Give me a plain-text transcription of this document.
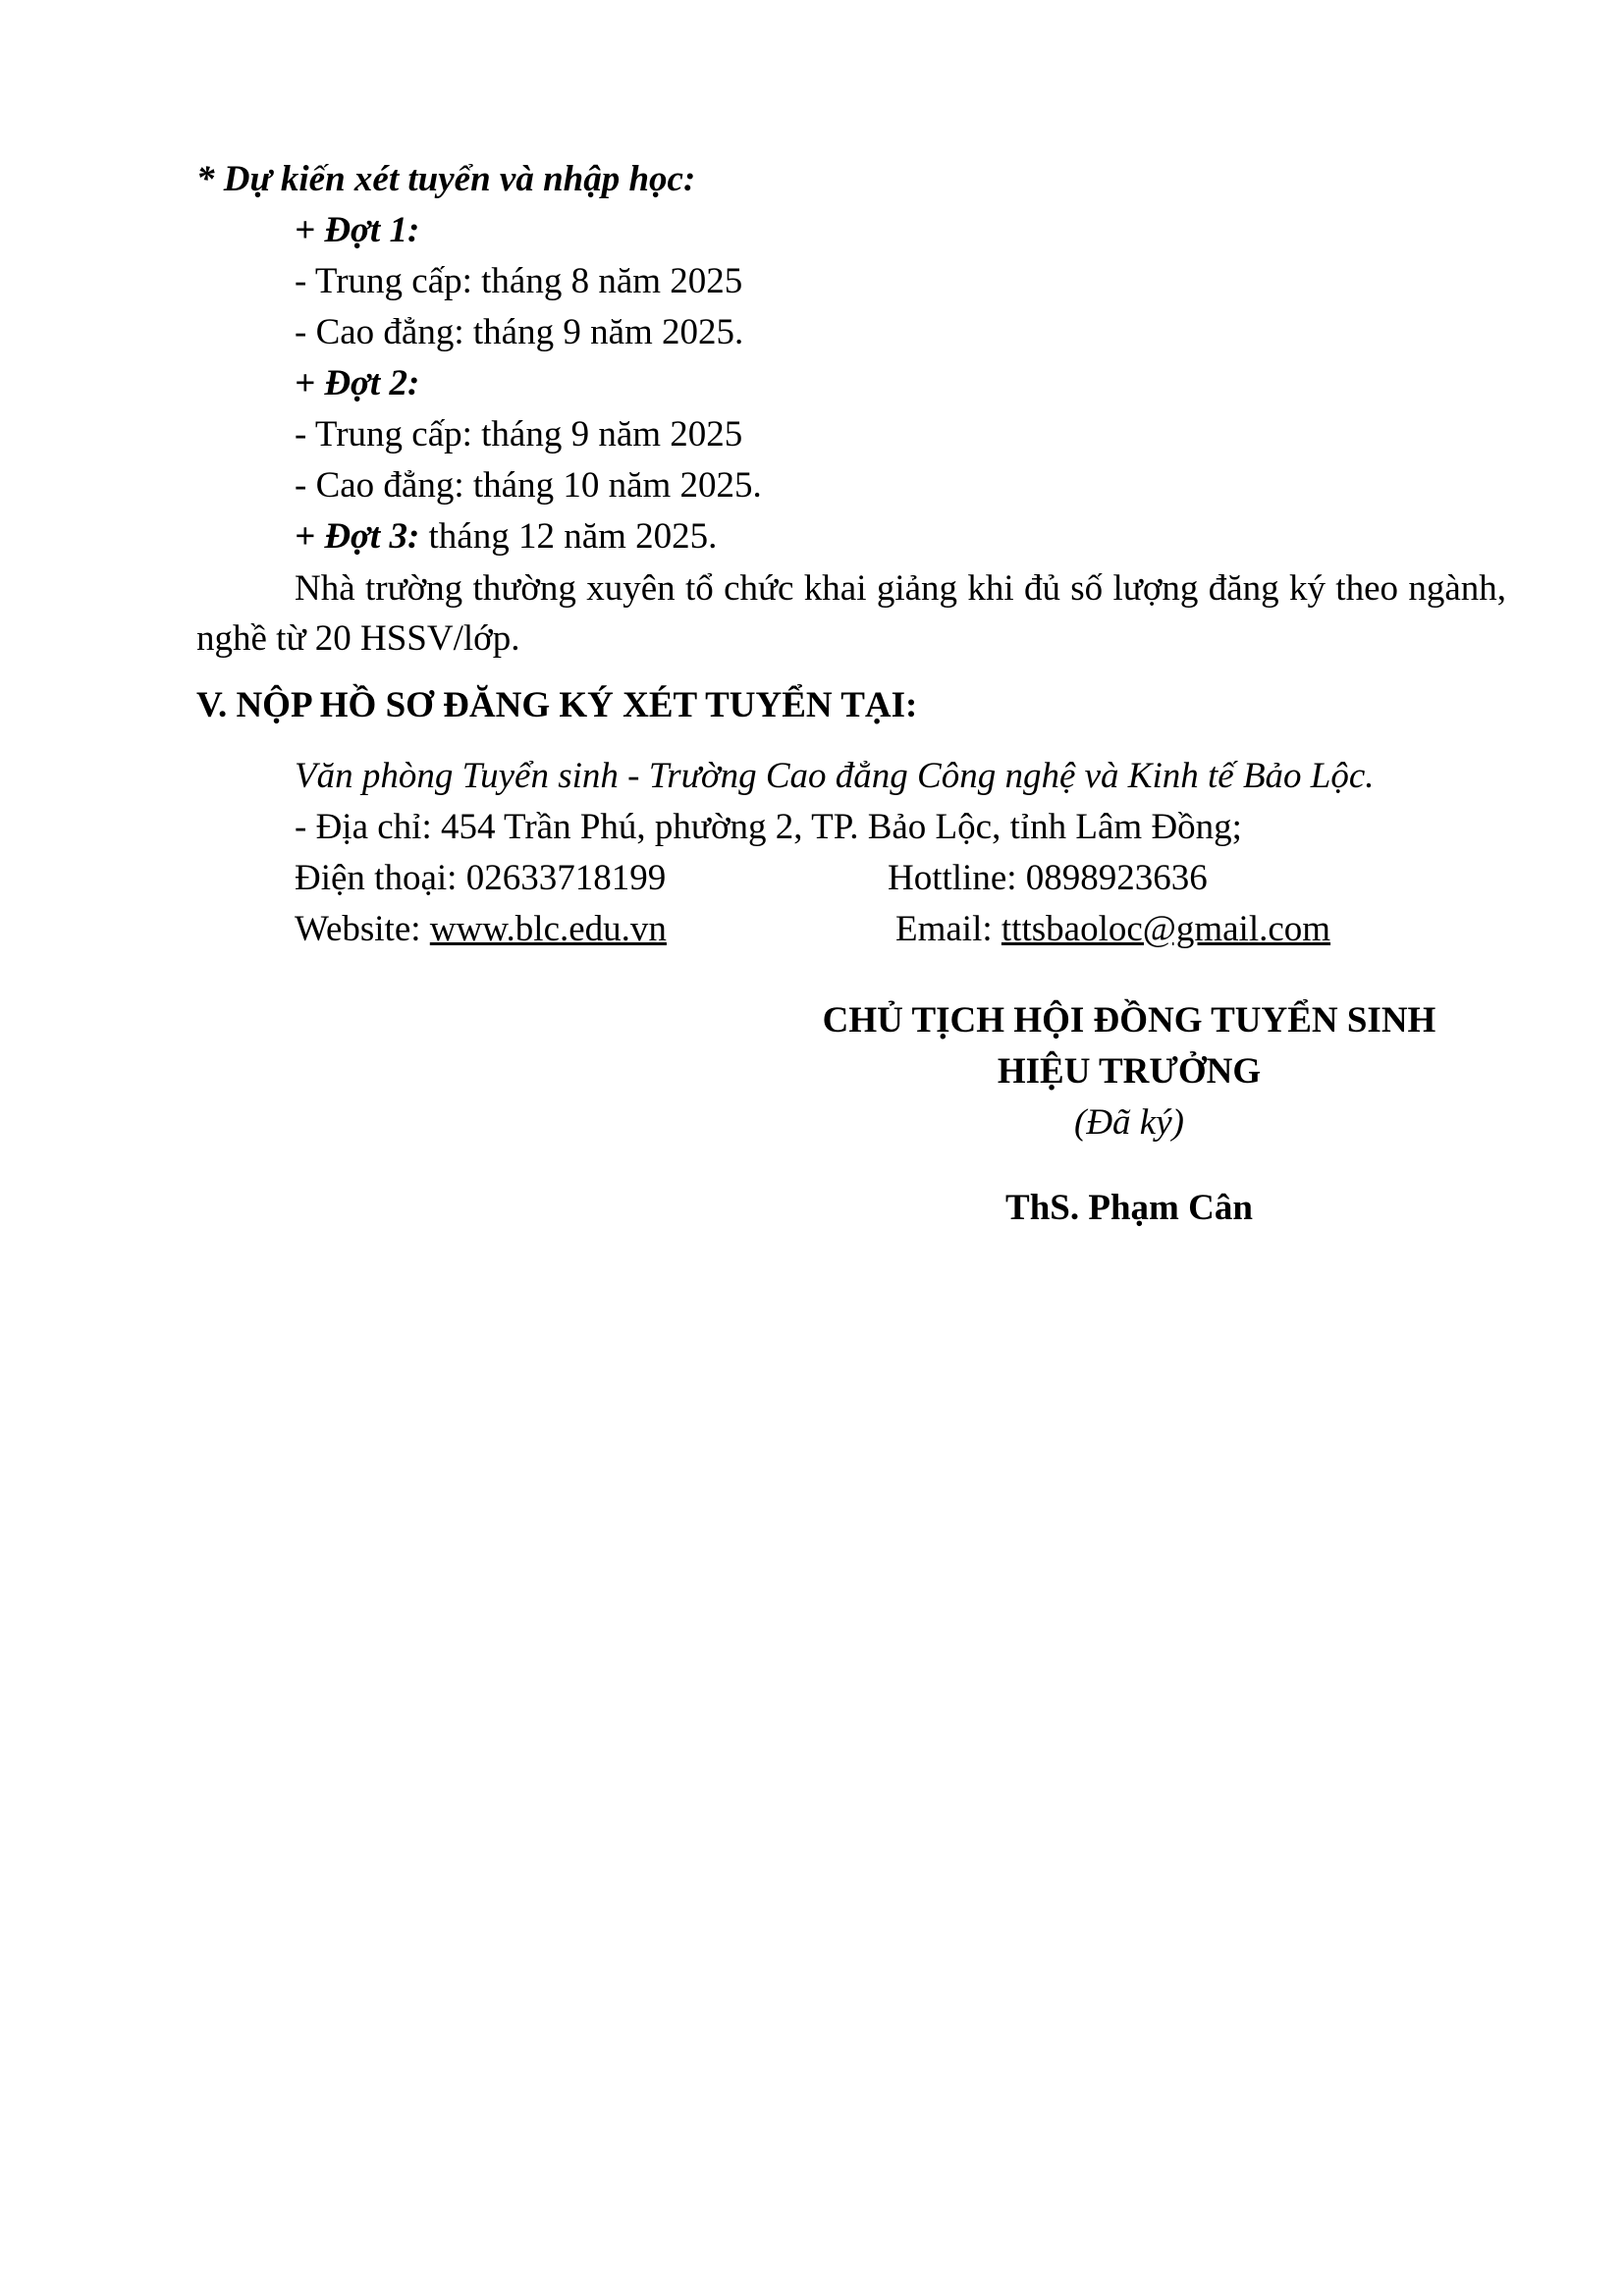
* Dự kiến xét tuyển và nhập học:
+ Đợt 1:
- Trung cấp: tháng 8 năm 2025
- Cao đẳng: tháng 9 năm 2025.
+ Đợt 2:
- Trung cấp: tháng 9 năm 2025
- Cao đẳng: tháng 10 năm 2025.
+ Đợt 3: tháng 12 năm 2025.
Nhà trường thường xuyên tổ chức khai giảng khi đủ số lượng đăng ký theo ngành, nghề từ 20 HSSV/lớp.
V. NỘP HỒ SƠ ĐĂNG KÝ XÉT TUYỂN TẠI:
Văn phòng Tuyển sinh - Trường Cao đẳng Công nghệ và Kinh tế Bảo Lộc.
- Địa chỉ: 454 Trần Phú, phường 2, TP. Bảo Lộc, tỉnh Lâm Đồng;
Điện thoại: 02633718199	Hottline: 0898923636
Website: www.blc.edu.vn	Email: tttsbaoloc@gmail.com
CHỦ TỊCH HỘI ĐỒNG TUYỂN SINH
HIỆU TRƯỞNG
(Đã ký)
ThS. Phạm Cân
